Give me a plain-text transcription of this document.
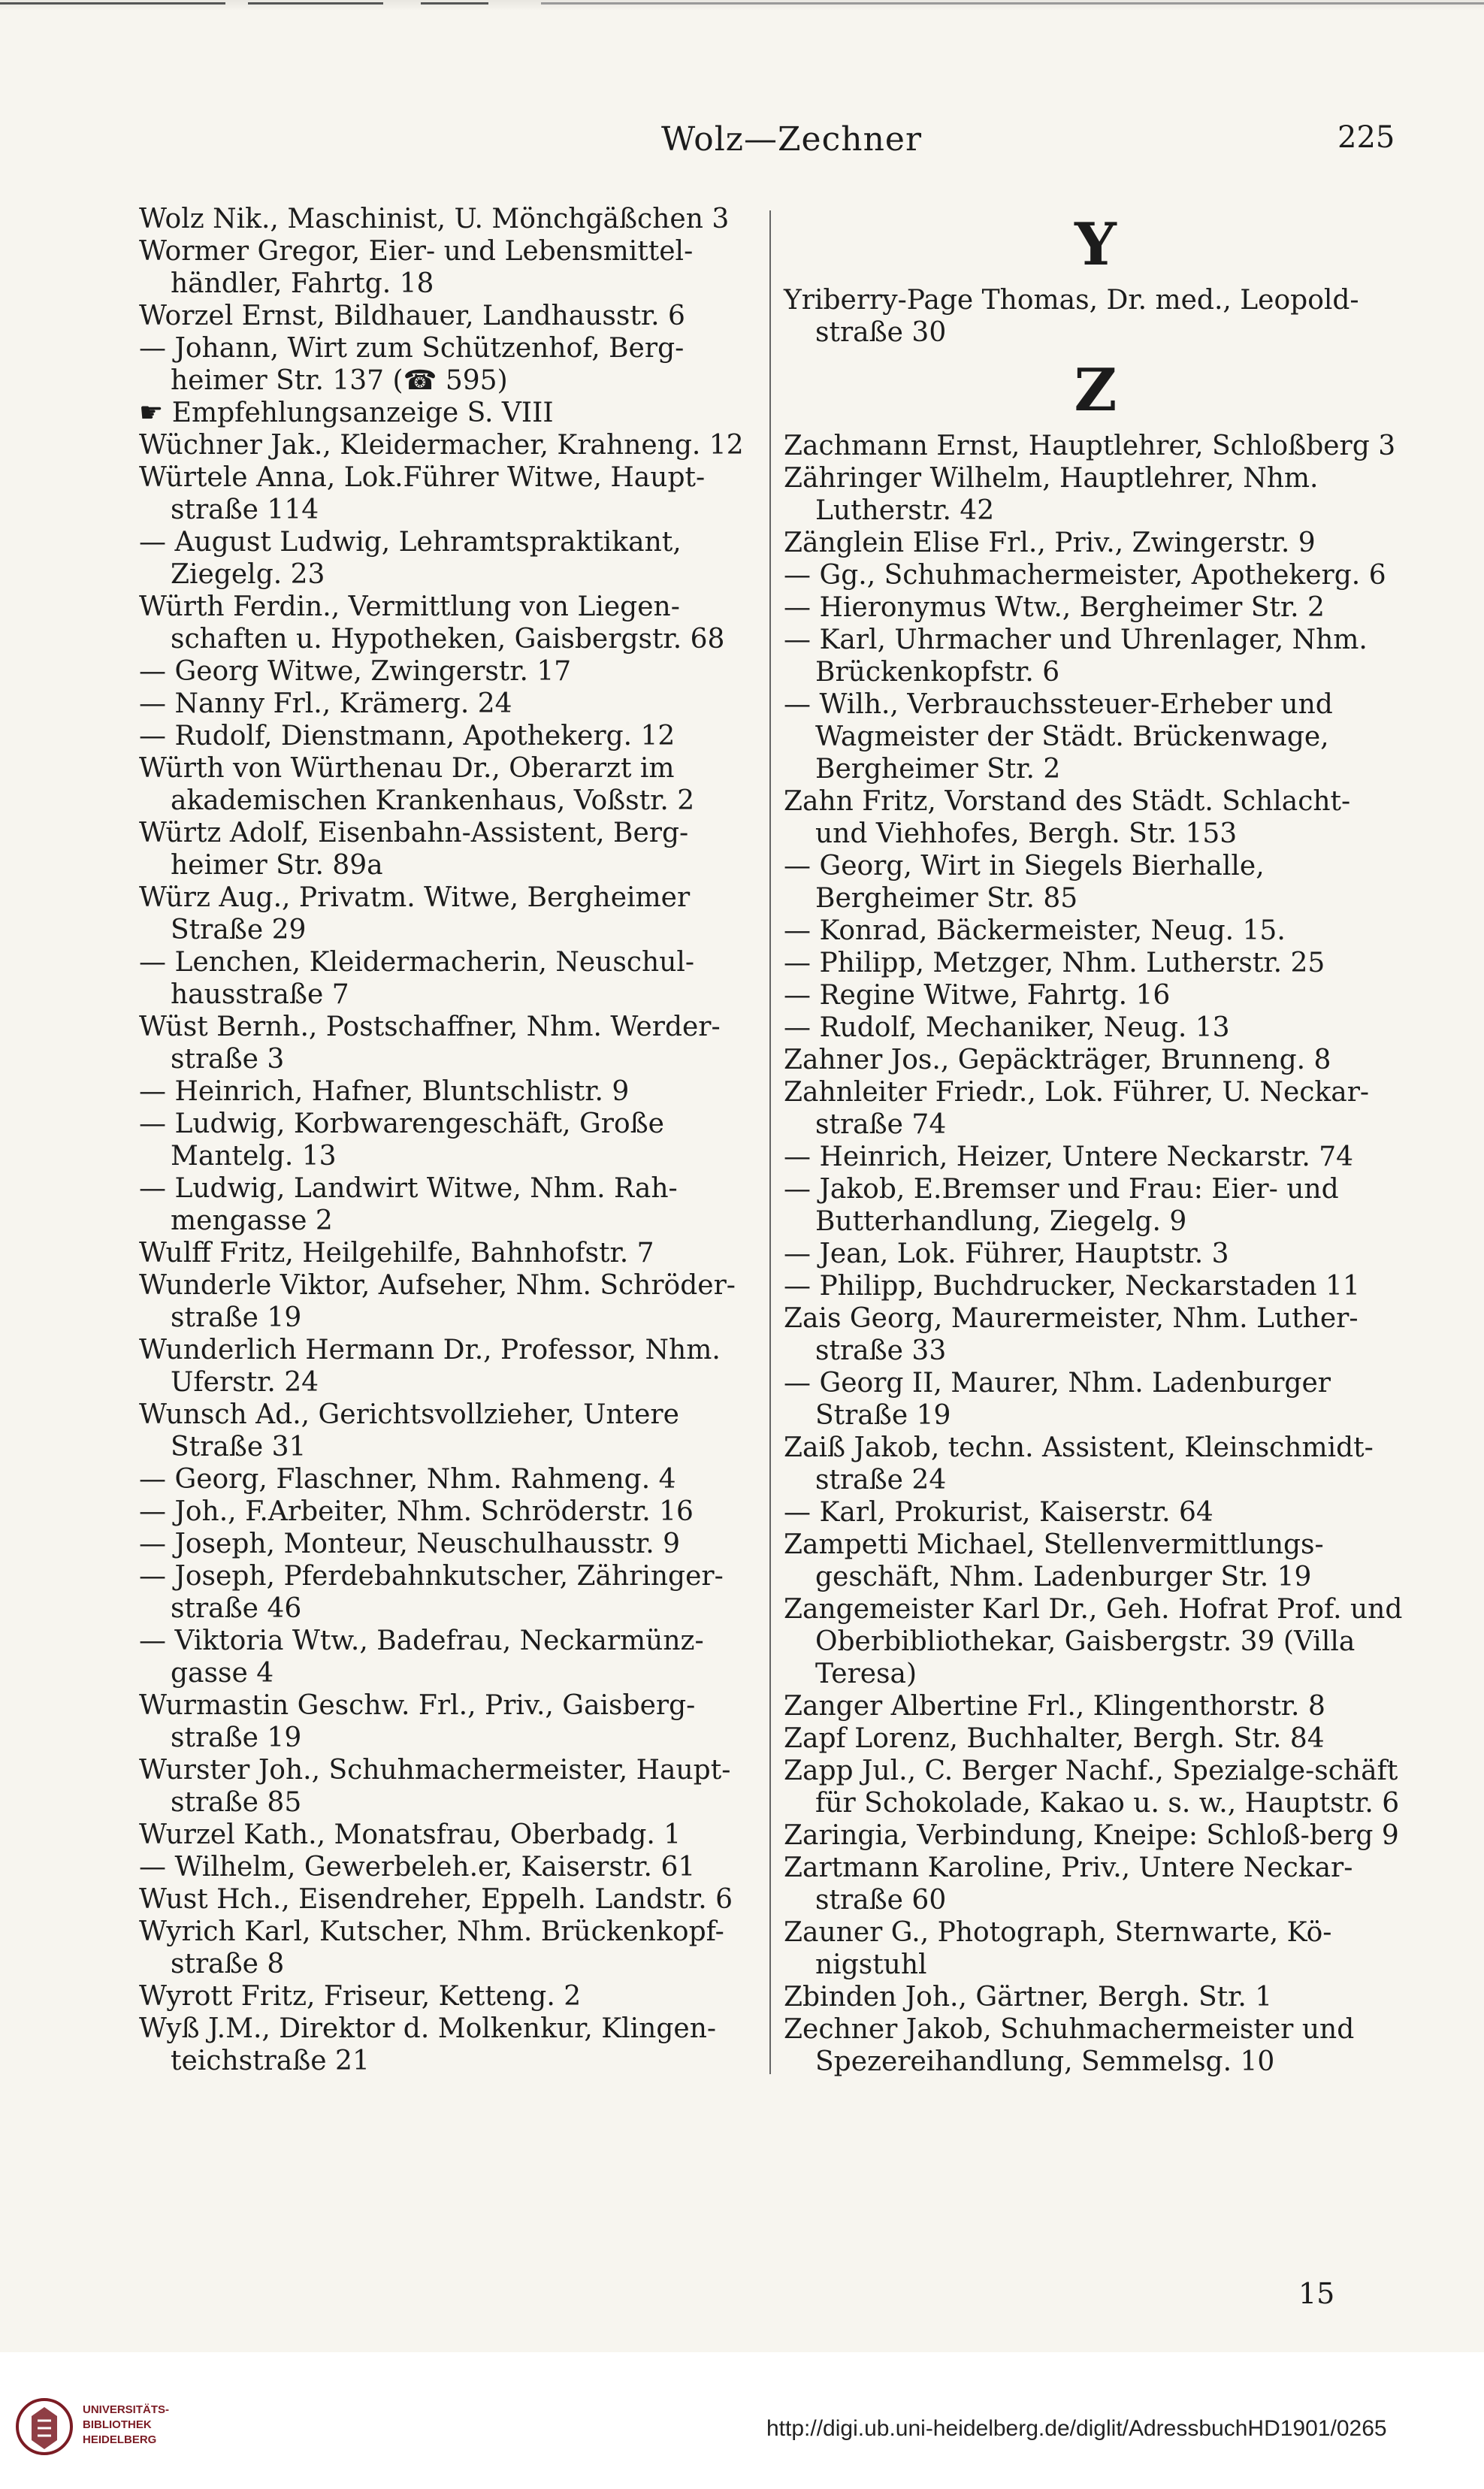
Wolz—Zechner	225

Wolz Nik., Maschinist, U. Mönchgäßchen 3

Wormer Gregor, Eier- und Lebensmittel-händler, Fahrtg. 18

Worzel Ernst, Bildhauer, Landhausstr. 6

— Johann, Wirt zum Schützenhof, Berg-heimer Str. 137 (☎ 595)

☛ Empfehlungsanzeige S. VIII

Wüchner Jak., Kleidermacher, Krahneng. 12

Würtele Anna, Lok.Führer Witwe, Haupt-straße 114

— August Ludwig, Lehramtspraktikant, Ziegelg. 23

Würth Ferdin., Vermittlung von Liegen-schaften u. Hypotheken, Gaisbergstr. 68

— Georg Witwe, Zwingerstr. 17

— Nanny Frl., Krämerg. 24

— Rudolf, Dienstmann, Apothekerg. 12

Würth von Würthenau Dr., Oberarzt im akademischen Krankenhaus, Voßstr. 2

Würtz Adolf, Eisenbahn-Assistent, Berg-heimer Str. 89a

Würz Aug., Privatm. Witwe, Bergheimer Straße 29

— Lenchen, Kleidermacherin, Neuschul-hausstraße 7

Wüst Bernh., Postschaffner, Nhm. Werder-straße 3

— Heinrich, Hafner, Bluntschlistr. 9

— Ludwig, Korbwarengeschäft, Große Mantelg. 13

— Ludwig, Landwirt Witwe, Nhm. Rah-mengasse 2

Wulff Fritz, Heilgehilfe, Bahnhofstr. 7

Wunderle Viktor, Aufseher, Nhm. Schröder-straße 19

Wunderlich Hermann Dr., Professor, Nhm. Uferstr. 24

Wunsch Ad., Gerichtsvollzieher, Untere Straße 31

— Georg, Flaschner, Nhm. Rahmeng. 4

— Joh., F.Arbeiter, Nhm. Schröderstr. 16

— Joseph, Monteur, Neuschulhausstr. 9

— Joseph, Pferdebahnkutscher, Zähringer-straße 46

— Viktoria Wtw., Badefrau, Neckarmünz-gasse 4

Wurmastin Geschw. Frl., Priv., Gaisberg-straße 19

Wurster Joh., Schuhmachermeister, Haupt-straße 85

Wurzel Kath., Monatsfrau, Oberbadg. 1

— Wilhelm, Gewerbeleh.er, Kaiserstr. 61

Wust Hch., Eisendreher, Eppelh. Landstr. 6

Wyrich Karl, Kutscher, Nhm. Brückenkopf-straße 8

Wyrott Fritz, Friseur, Ketteng. 2

Wyß J.M., Direktor d. Molkenkur, Klingen-teichstraße 21

Y

Yriberry-Page Thomas, Dr. med., Leopold-straße 30

Z

Zachmann Ernst, Hauptlehrer, Schloßberg 3

Zähringer Wilhelm, Hauptlehrer, Nhm. Lutherstr. 42

Zänglein Elise Frl., Priv., Zwingerstr. 9

— Gg., Schuhmachermeister, Apothekerg. 6

— Hieronymus Wtw., Bergheimer Str. 2

— Karl, Uhrmacher und Uhrenlager, Nhm. Brückenkopfstr. 6

— Wilh., Verbrauchssteuer-Erheber und Wagmeister der Städt. Brückenwage, Bergheimer Str. 2

Zahn Fritz, Vorstand des Städt. Schlacht- und Viehhofes, Bergh. Str. 153

— Georg, Wirt in Siegels Bierhalle, Bergheimer Str. 85

— Konrad, Bäckermeister, Neug. 15.

— Philipp, Metzger, Nhm. Lutherstr. 25

— Regine Witwe, Fahrtg. 16

— Rudolf, Mechaniker, Neug. 13

Zahner Jos., Gepäckträger, Brunneng. 8

Zahnleiter Friedr., Lok. Führer, U. Neckar-straße 74

— Heinrich, Heizer, Untere Neckarstr. 74

— Jakob, E.Bremser und Frau: Eier- und Butterhandlung, Ziegelg. 9

— Jean, Lok. Führer, Hauptstr. 3

— Philipp, Buchdrucker, Neckarstaden 11

Zais Georg, Maurermeister, Nhm. Luther-straße 33

— Georg II, Maurer, Nhm. Ladenburger Straße 19

Zaiß Jakob, techn. Assistent, Kleinschmidt-straße 24

— Karl, Prokurist, Kaiserstr. 64

Zampetti Michael, Stellenvermittlungs-geschäft, Nhm. Ladenburger Str. 19

Zangemeister Karl Dr., Geh. Hofrat Prof. und Oberbibliothekar, Gaisbergstr. 39 (Villa Teresa)

Zanger Albertine Frl., Klingenthorstr. 8

Zapf Lorenz, Buchhalter, Bergh. Str. 84

Zapp Jul., C. Berger Nachf., Spezialge-schäft für Schokolade, Kakao u. s. w., Hauptstr. 6

Zaringia, Verbindung, Kneipe: Schloß-berg 9

Zartmann Karoline, Priv., Untere Neckar-straße 60

Zauner G., Photograph, Sternwarte, Kö-nigstuhl

Zbinden Joh., Gärtner, Bergh. Str. 1

Zechner Jakob, Schuhmachermeister und Spezereihandlung, Semmelsg. 10

15
UNIVERSITÄTS-
BIBLIOTHEK
HEIDELBERG	http://digi.ub.uni-heidelberg.de/diglit/AdressbuchHD1901/0265
